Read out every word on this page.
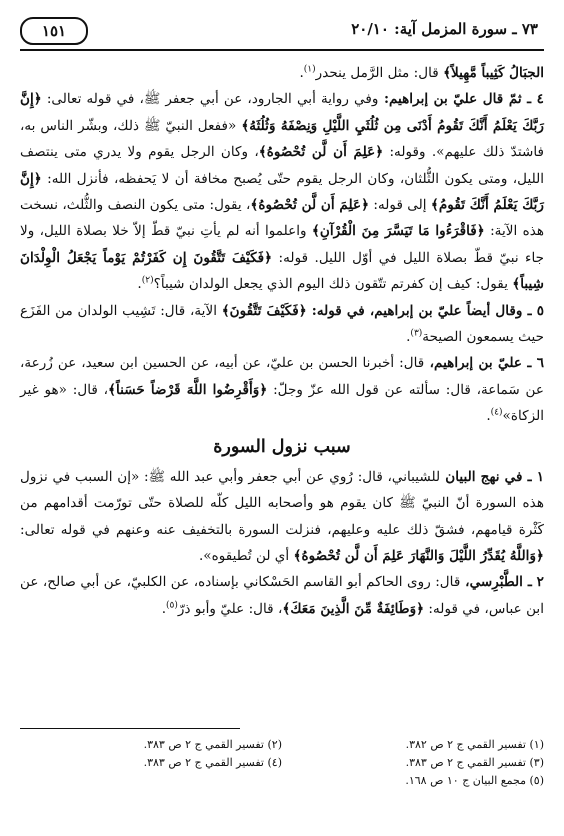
٧٣ ـ سورة المزمل آية: ٢٠/١٠
١٥١

الجبَالُ كَثِيباً مَّهِيلاً﴾ قال: مثل الرَّمل ينحدر$^{(١)}$.

٤ ـ ثمّ قال عليّ بن إبراهيم: وفي رواية أبي الجارود، عن أبي جعفر ﷺ، في قوله تعالى: ﴿إِنَّ رَبَّكَ يَعْلَمُ أَنَّكَ تَقُومُ أَدْنَى مِن ثُلُثَيِ اللَّيْلِ وَنِصْفَهُ وَثُلُثَهُ﴾ «ففعل النبيّ ﷺ ذلك، وبشّر الناس به، فاشتدّ ذلك عليهم». وقوله: ﴿عَلِمَ أَن لَّن تُحْصُوهُ﴾، وكان الرجل يقوم ولا يدري متى ينتصف الليل، ومتى يكون الثُّلثان، وكان الرجل يقوم حتّى يُصبح مخافة أن لا يَحفظه، فأنزل الله: ﴿إِنَّ رَبَّكَ يَعْلَمُ أَنَّكَ تَقُومُ﴾ إلى قوله: ﴿عَلِمَ أَن لَّن تُحْصُوهُ﴾، يقول: متى يكون النصف والثُّلث، نسخت هذه الآية: ﴿فَاقْرَءُوا مَا تَيَسَّرَ مِنَ الْقُرْآنِ﴾ واعلموا أنه لم يأتِ نبيّ قطّ إلاّ خلا بصلاة الليل، ولا جاء نبيّ قطّ بصلاة الليل في أوّل الليل. قوله: ﴿فَكَيْفَ تَتَّقُونَ إِن كَفَرْتُمْ يَوْماً يَجْعَلُ الْوِلْدَانَ شِيباً﴾ يقول: كيف إن كفرتم تتّقون ذلك اليوم الذي يجعل الولدان شيباً؟$^{(٢)}$.

٥ ـ وقال أيضاً عليّ بن إبراهيم، في قوله: ﴿فَكَيْفَ تَتَّقُونَ﴾ الآية، قال: تَشِيب الولدان من الفَزَع حيث يسمعون الصيحة$^{(٣)}$.

٦ ـ عليّ بن إبراهيم، قال: أخبرنا الحسن بن عليّ، عن أبيه، عن الحسين ابن سعيد، عن زُرعة، عن سَماعة، قال: سألته عن قول الله عزّ وجلّ: ﴿وَأَقْرِضُوا اللَّهَ قَرْضاً حَسَناً﴾، قال: «هو غير الزكاة»$^{(٤)}$.

سبب نزول السورة

١ ـ في نهج البيان للشيباني، قال: رُوي عن أبي جعفر وأبي عبد الله ﷺ: «إن السبب في نزول هذه السورة أنّ النبيّ ﷺ كان يقوم هو وأصحابه الليل كلّه للصلاة حتّى تورّمت أقدامهم من كَثْرة قيامهم، فشقّ ذلك عليه وعليهم، فنزلت السورة بالتخفيف عنه وعنهم في قوله تعالى: ﴿وَاللَّهُ يُقَدِّرُ اللَّيْلَ وَالنَّهَارَ عَلِمَ أَن لَّن تُحْصُوهُ﴾ أي لن تُطيقوه».

٢ ـ الطَّبْرِسي، قال: روى الحاكم أبو القاسم الحَسْكاني بإسناده، عن الكلبيّ، عن أبي صالح، عن ابن عباس، في قوله: ﴿وَطَائِفَةٌ مِّنَ الَّذِينَ مَعَكَ﴾، قال: عليّ وأبو ذرّ$^{(٥)}$.

(١) تفسير القمي ج ٢ ص ٣٨٢.
(٢) تفسير القمي ج ٢ ص ٣٨٣.
(٣) تفسير القمي ج ٢ ص ٣٨٣.
(٤) تفسير القمي ج ٢ ص ٣٨٣.
(٥) مجمع البيان ج ١٠ ص ١٦٨.
